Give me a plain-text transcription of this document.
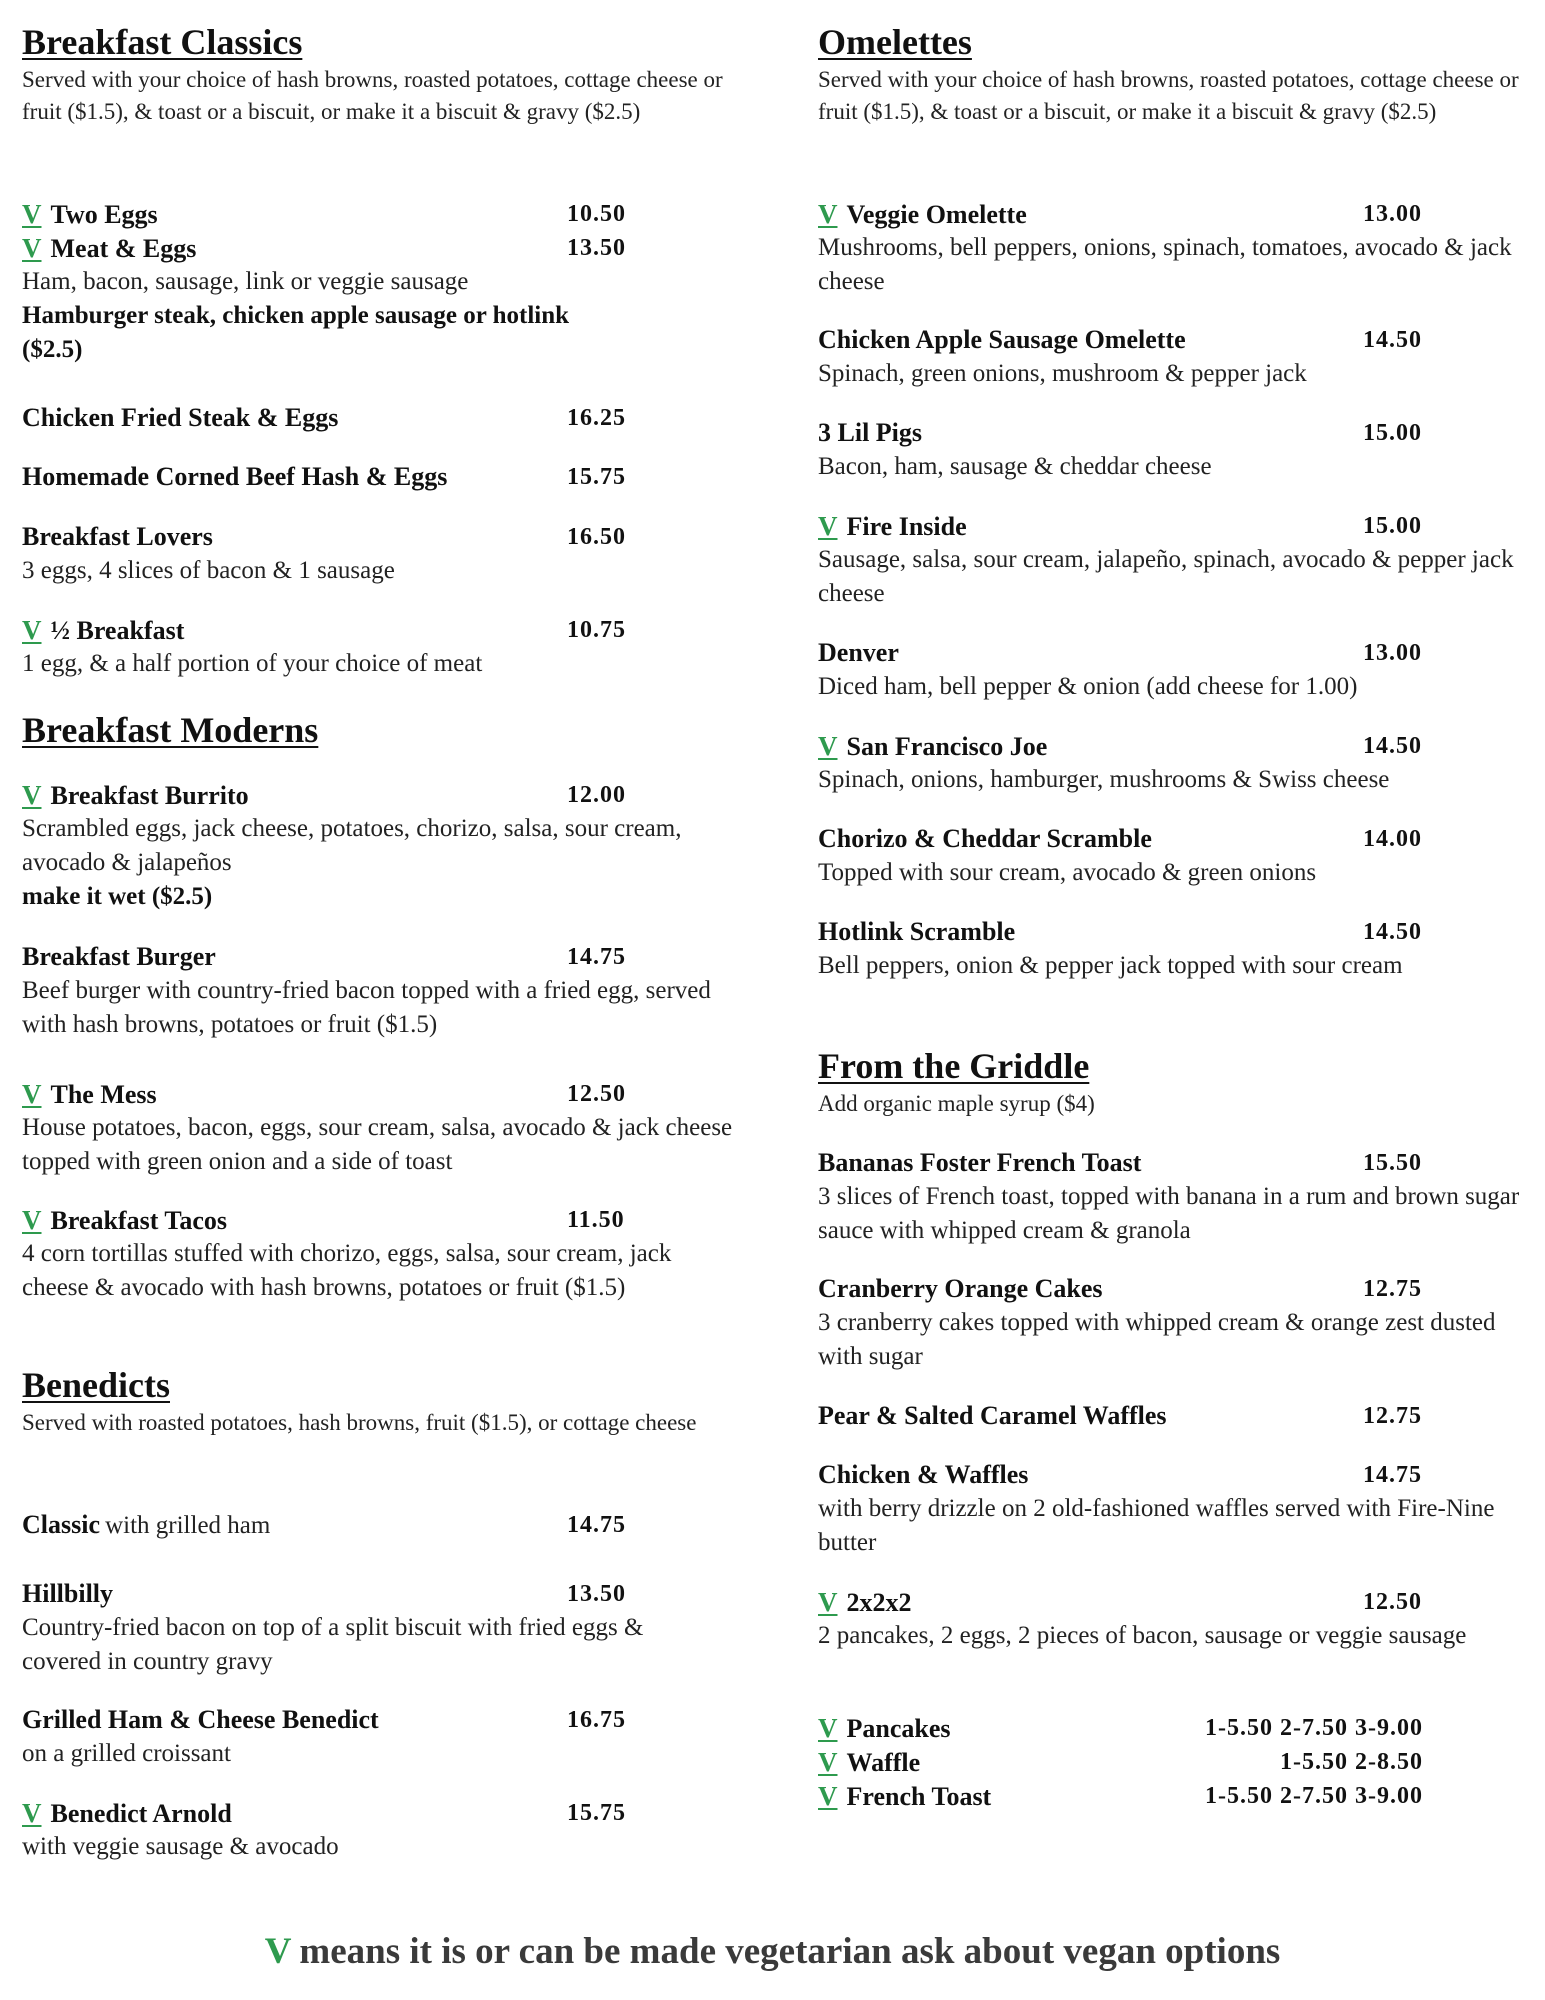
Breakfast Classics

Served with your choice of hash browns, roasted potatoes, cottage cheese or fruit ($1.5), & toast or a biscuit, or make it a biscuit & gravy ($2.5)

V Two Eggs	10.50
V Meat & Eggs	13.50

Ham, bacon, sausage, link or veggie sausage

Hamburger steak, chicken apple sausage or hotlink ($2.5)

Chicken Fried Steak & Eggs	16.25
Homemade Corned Beef Hash & Eggs	15.75
Breakfast Lovers	16.50

3 eggs, 4 slices of bacon & 1 sausage

V ½ Breakfast	10.75

1 egg, & a half portion of your choice of meat

Breakfast Moderns
V Breakfast Burrito	12.00

Scrambled eggs, jack cheese, potatoes, chorizo, salsa, sour cream, avocado & jalapeños

make it wet ($2.5)

Breakfast Burger	14.75

Beef burger with country-fried bacon topped with a fried egg, served with hash browns, potatoes or fruit ($1.5)

V The Mess	12.50

House potatoes, bacon, eggs, sour cream, salsa, avocado & jack cheese topped with green onion and a side of toast

V Breakfast Tacos	11.50

4 corn tortillas stuffed with chorizo, eggs, salsa, sour cream, jack cheese & avocado with hash browns, potatoes or fruit ($1.5)

Benedicts

Served with roasted potatoes, hash browns, fruit ($1.5), or cottage cheese

Classic with grilled ham	14.75
Hillbilly	13.50

Country-fried bacon on top of a split biscuit with fried eggs & covered in country gravy

Grilled Ham & Cheese Benedict	16.75

on a grilled croissant

V Benedict Arnold	15.75

with veggie sausage & avocado

Omelettes

Served with your choice of hash browns, roasted potatoes, cottage cheese or fruit ($1.5), & toast or a biscuit, or make it a biscuit & gravy ($2.5)

V Veggie Omelette	13.00

Mushrooms, bell peppers, onions, spinach, tomatoes, avocado & jack cheese

Chicken Apple Sausage Omelette	14.50

Spinach, green onions, mushroom & pepper jack

3 Lil Pigs	15.00

Bacon, ham, sausage & cheddar cheese

V Fire Inside	15.00

Sausage, salsa, sour cream, jalapeño, spinach, avocado & pepper jack cheese

Denver	13.00

Diced ham, bell pepper & onion (add cheese for 1.00)

V San Francisco Joe	14.50

Spinach, onions, hamburger, mushrooms & Swiss cheese

Chorizo & Cheddar Scramble	14.00

Topped with sour cream, avocado & green onions

Hotlink Scramble	14.50

Bell peppers, onion & pepper jack topped with sour cream

From the Griddle

Add organic maple syrup ($4)

Bananas Foster French Toast	15.50

3 slices of French toast, topped with banana in a rum and brown sugar sauce with whipped cream & granola

Cranberry Orange Cakes	12.75

3 cranberry cakes topped with whipped cream & orange zest dusted with sugar

Pear & Salted Caramel Waffles	12.75
Chicken & Waffles	14.75

with berry drizzle on 2 old-fashioned waffles served with Fire-Nine butter

V 2x2x2	12.50

2 pancakes, 2 eggs, 2 pieces of bacon, sausage or veggie sausage

V Pancakes	1-5.50 2-7.50 3-9.00
V Waffle	1-5.50 2-8.50
V French Toast	1-5.50 2-7.50 3-9.00
V means it is or can be made vegetarian ask about vegan options
